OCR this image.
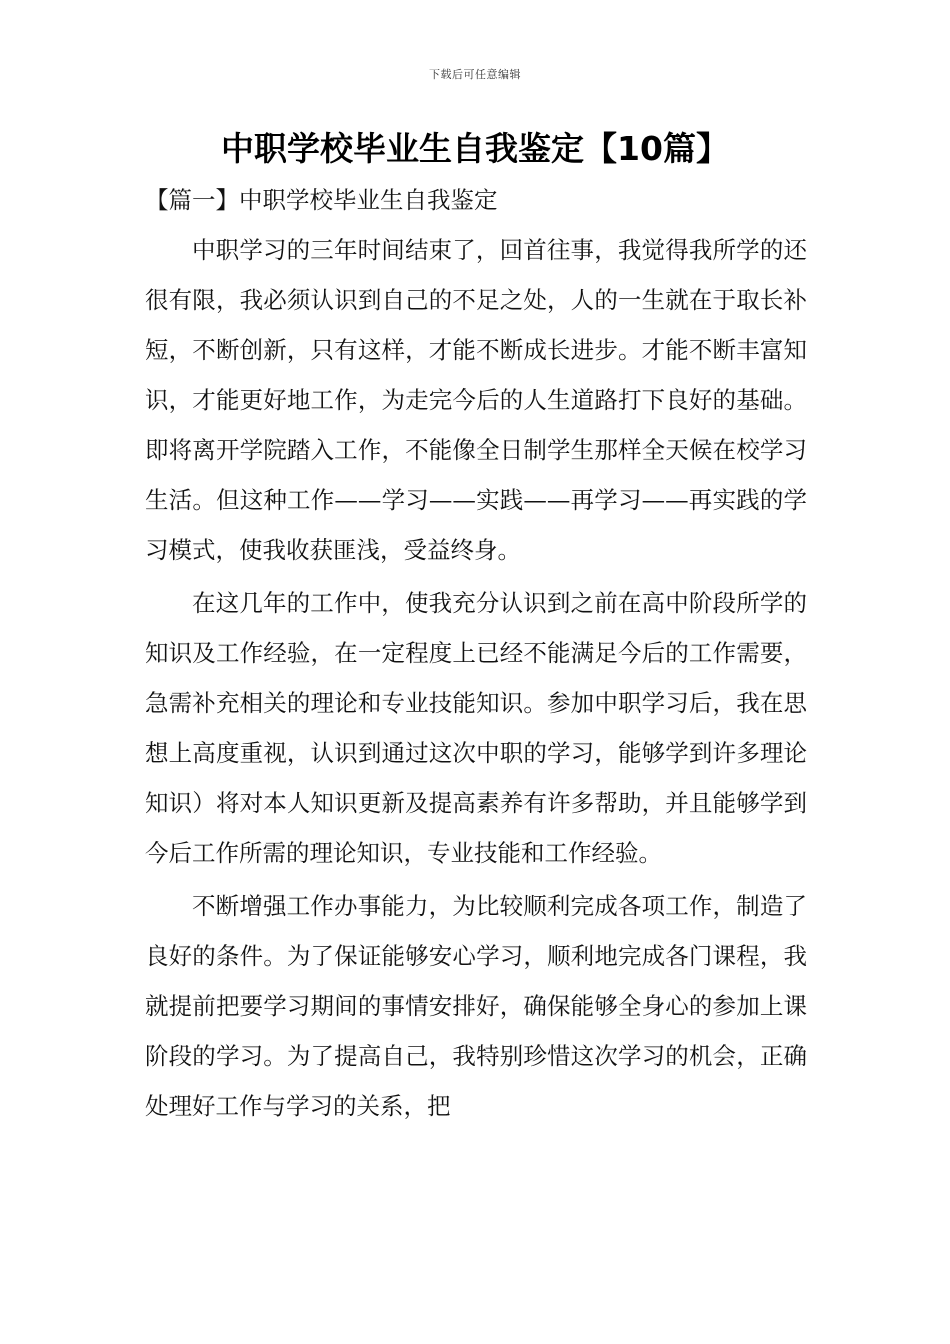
下载后可任意编辑
中职学校毕业生自我鉴定【10篇】
【篇一】中职学校毕业生自我鉴定

中职学习的三年时间结束了，回首往事，我觉得我所学的还很有限，我必须认识到自己的不足之处，人的一生就在于取长补短，不断创新，只有这样，才能不断成长进步。才能不断丰富知识，才能更好地工作，为走完今后的人生道路打下良好的基础。即将离开学院踏入工作，不能像全日制学生那样全天候在校学习生活。但这种工作——学习——实践——再学习——再实践的学习模式，使我收获匪浅，受益终身。

在这几年的工作中，使我充分认识到之前在高中阶段所学的知识及工作经验，在一定程度上已经不能满足今后的工作需要，急需补充相关的理论和专业技能知识。参加中职学习后，我在思想上高度重视，认识到通过这次中职的学习，能够学到许多理论知识）将对本人知识更新及提高素养有许多帮助，并且能够学到今后工作所需的理论知识，专业技能和工作经验。

不断增强工作办事能力，为比较顺利完成各项工作，制造了良好的条件。为了保证能够安心学习，顺利地完成各门课程，我就提前把要学习期间的事情安排好，确保能够全身心的参加上课阶段的学习。为了提高自己，我特别珍惜这次学习的机会，正确处理好工作与学习的关系，把
